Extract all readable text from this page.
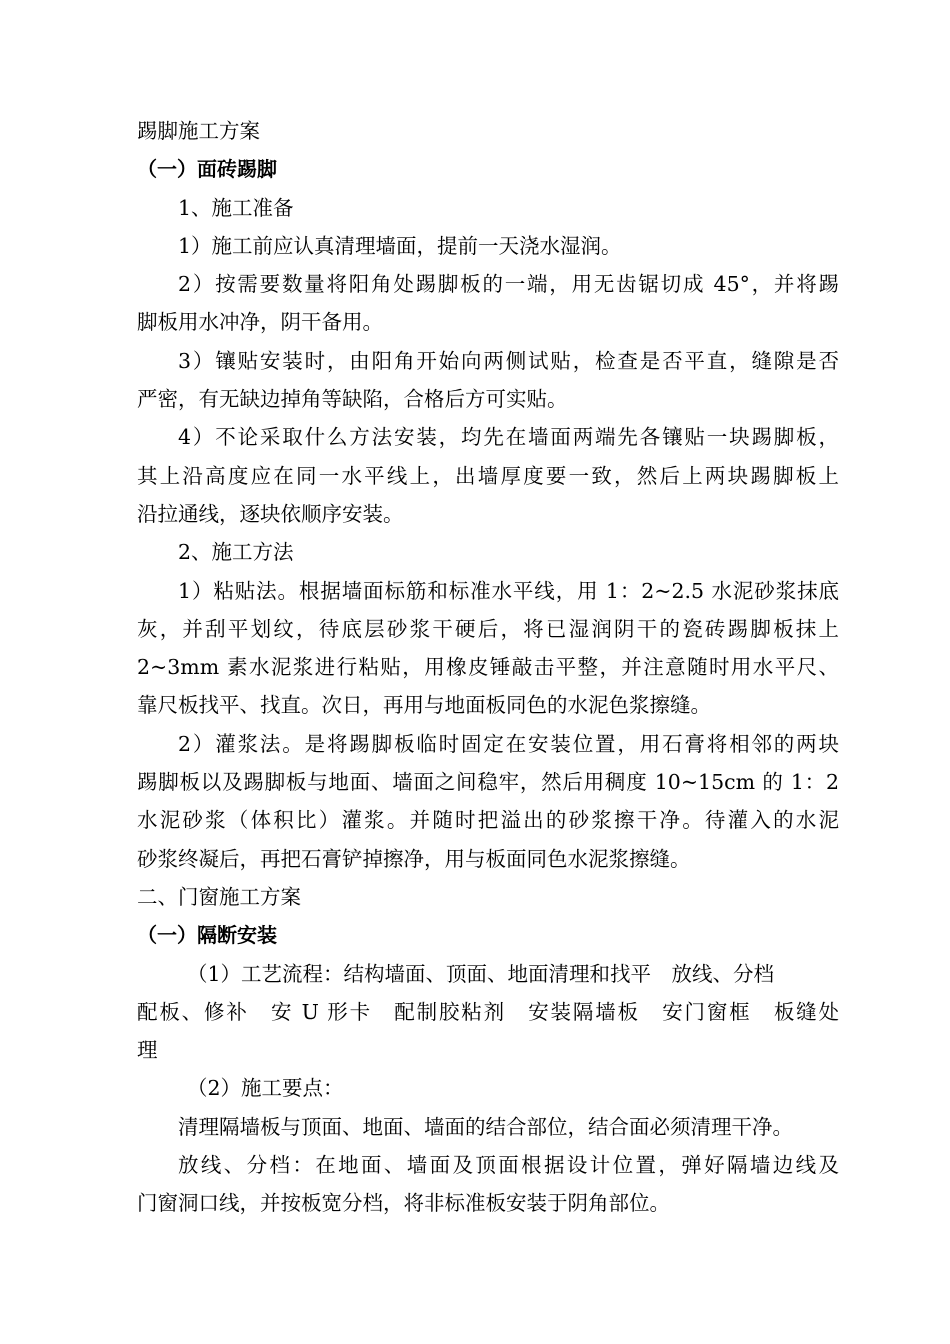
踢脚施工方案
（一）面砖踢脚
1、施工准备
1）施工前应认真清理墙面，提前一天浇水湿润。
2）按需要数量将阳角处踢脚板的一端，用无齿锯切成 45°，并将踢
脚板用水冲净，阴干备用。
3）镶贴安装时，由阳角开始向两侧试贴，检查是否平直，缝隙是否
严密，有无缺边掉角等缺陷，合格后方可实贴。
4）不论采取什么方法安装，均先在墙面两端先各镶贴一块踢脚板，
其上沿高度应在同一水平线上，出墙厚度要一致，然后上两块踢脚板上
沿拉通线，逐块依顺序安装。
2、施工方法
1）粘贴法。根据墙面标筋和标准水平线，用 1：2~2.5 水泥砂浆抹底
灰，并刮平划纹，待底层砂浆干硬后，将已湿润阴干的瓷砖踢脚板抹上
2~3mm 素水泥浆进行粘贴，用橡皮锤敲击平整，并注意随时用水平尺、
靠尺板找平、找直。次日，再用与地面板同色的水泥色浆擦缝。
2）灌浆法。是将踢脚板临时固定在安装位置，用石膏将相邻的两块
踢脚板以及踢脚板与地面、墙面之间稳牢，然后用稠度 10~15cm 的 1：2
水泥砂浆（体积比）灌浆。并随时把溢出的砂浆擦干净。待灌入的水泥
砂浆终凝后，再把石膏铲掉擦净，用与板面同色水泥浆擦缝。
二、门窗施工方案
（一）隔断安装
（1）工艺流程：结构墙面、顶面、地面清理和找平　放线、分档
配板、修补　安 U 形卡　配制胶粘剂　安装隔墙板　安门窗框　板缝处
理
（2）施工要点：
清理隔墙板与顶面、地面、墙面的结合部位，结合面必须清理干净。
放线、分档：在地面、墙面及顶面根据设计位置，弹好隔墙边线及
门窗洞口线，并按板宽分档，将非标准板安装于阴角部位。
